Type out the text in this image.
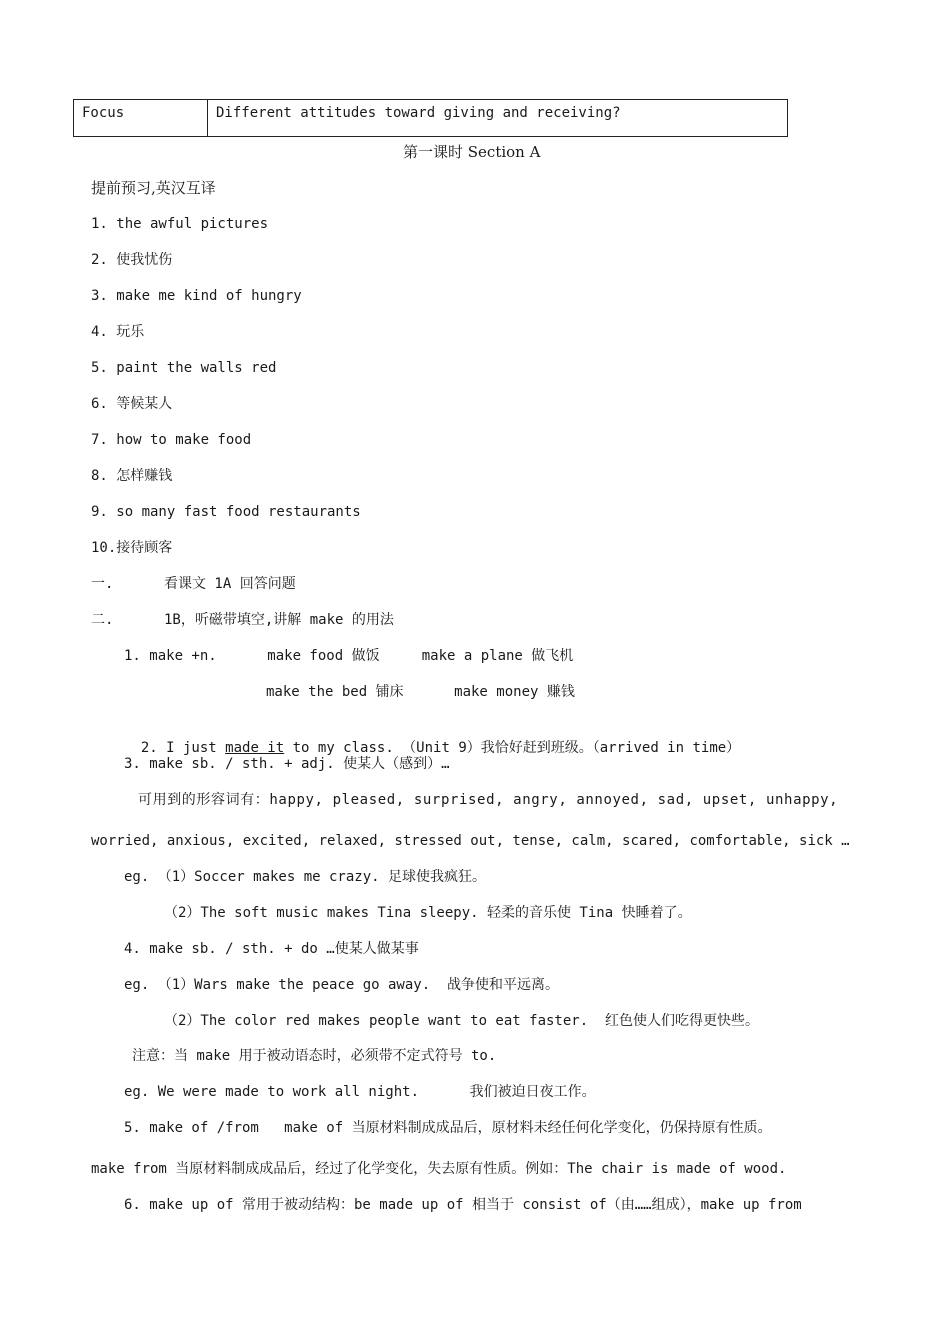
Focus	Different attitudes toward giving and receiving?
第一课时 Section A
提前预习,英汉互译
1. the awful pictures
2. 使我忧伤
3. make me kind of hungry
4. 玩乐
5. paint the walls red
6. 等候某人
7. how to make food
8. 怎样赚钱
9. so many fast food restaurants
10.接待顾客
一.      看课文 1A 回答问题
二.      1B，听磁带填空,讲解 make 的用法
1. make +n.      make food 做饭     make a plane 做飞机
make the bed 铺床      make money 赚钱

2. I just made it to my class. （Unit 9）我恰好赶到班级。（arrived in time）

3. make sb. / sth. + adj. 使某人（感到）…
可用到的形容词有：happy, pleased, surprised, angry, annoyed, sad, upset, unhappy,
worried, anxious, excited, relaxed, stressed out, tense, calm, scared, comfortable, sick …
eg. （1）Soccer makes me crazy. 足球使我疯狂。
（2）The soft music makes Tina sleepy. 轻柔的音乐使 Tina 快睡着了。
4. make sb. / sth. + do …使某人做某事
eg. （1）Wars make the peace go away.  战争使和平远离。
（2）The color red makes people want to eat faster.  红色使人们吃得更快些。
注意：当 make 用于被动语态时，必须带不定式符号 to.
eg. We were made to work all night.      我们被迫日夜工作。
5. make of /from   make of 当原材料制成成品后，原材料未经任何化学变化，仍保持原有性质。
make from 当原材料制成成品后，经过了化学变化，失去原有性质。例如：The chair is made of wood.
6. make up of 常用于被动结构：be made up of 相当于 consist of（由……组成），make up from
